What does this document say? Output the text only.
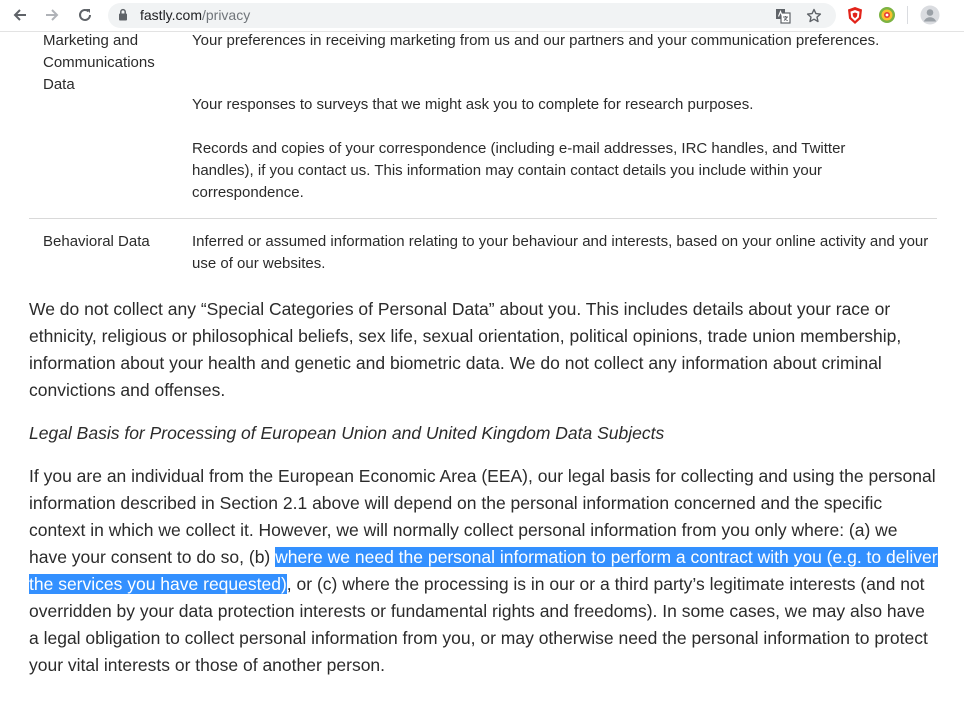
fastly.com/privacy
Marketing and Communications Data
Your preferences in receiving marketing from us and our partners and your communication preferences.
Your responses to surveys that we might ask you to complete for research purposes.
Records and copies of your correspondence (including e-mail addresses, IRC handles, and Twitter handles), if you contact us. This information may contain contact details you include within your correspondence.
Behavioral Data	Inferred or assumed information relating to your behaviour and interests, based on your online activity and your use of our websites.

We do not collect any “Special Categories of Personal Data” about you. This includes details about your race or ethnicity, religious or philosophical beliefs, sex life, sexual orientation, political opinions, trade union membership, information about your health and genetic and biometric data. We do not collect any information about criminal convictions and offenses.

Legal Basis for Processing of European Union and United Kingdom Data Subjects

If you are an individual from the European Economic Area (EEA), our legal basis for collecting and using the personal information described in Section 2.1 above will depend on the personal information concerned and the specific context in which we collect it. However, we will normally collect personal information from you only where: (a) we have your consent to do so, (b) where we need the personal information to perform a contract with you (e.g. to deliver the services you have requested), or (c) where the processing is in our or a third party’s legitimate interests (and not overridden by your data protection interests or fundamental rights and freedoms). In some cases, we may also have a legal obligation to collect personal information from you, or may otherwise need the personal information to protect your vital interests or those of another person.
